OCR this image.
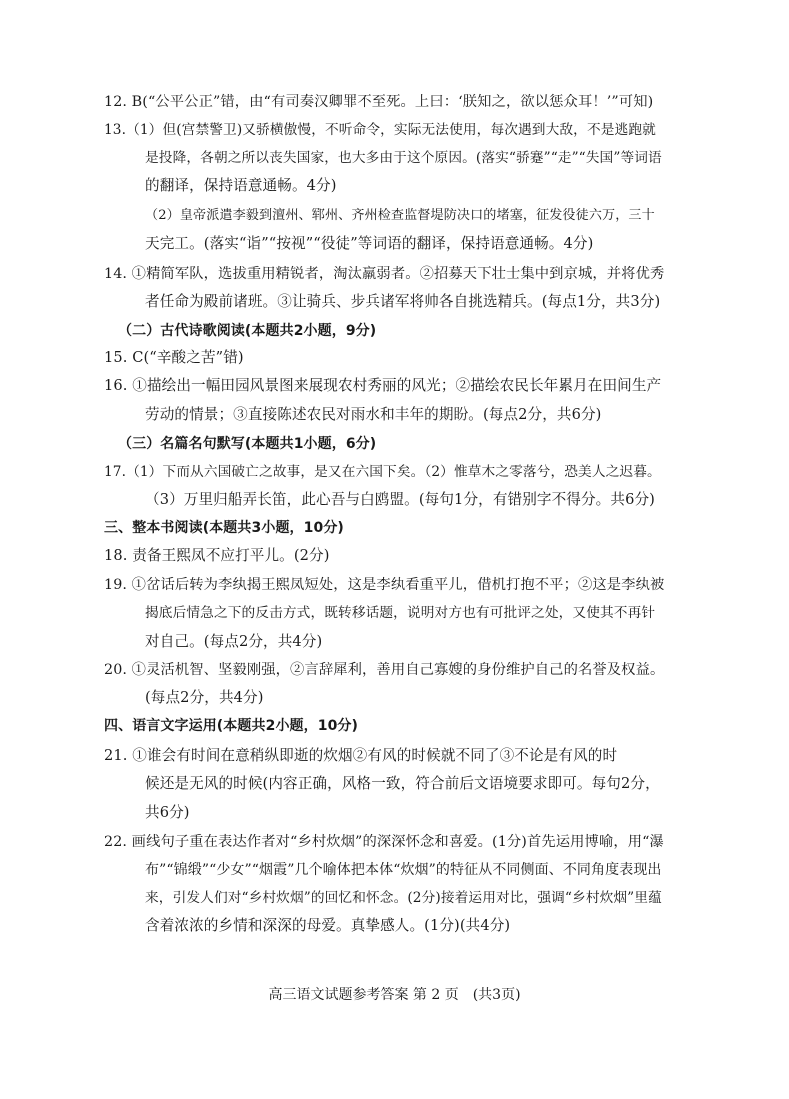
12. B(“公平公正”错，由“有司奏汉卿罪不至死。上曰：‘朕知之，欲以惩众耳！’”可知)
13.（1）但(宫禁警卫)又骄横傲慢，不听命令，实际无法使用，每次遇到大敌，不是逃跑就
是投降，各朝之所以丧失国家，也大多由于这个原因。(落实“骄蹇”“走”“失国”等词语
的翻译，保持语意通畅。4分)
（2）皇帝派遣李毅到澶州、郓州、齐州检查监督堤防决口的堵塞，征发役徒六万，三十
天完工。(落实“诣”“按视”“役徒”等词语的翻译，保持语意通畅。4分)
14. ①精简军队，选拔重用精锐者，淘汰羸弱者。②招募天下壮士集中到京城，并将优秀
者任命为殿前诸班。③让骑兵、步兵诸军将帅各自挑选精兵。(每点1分，共3分)
（二）古代诗歌阅读(本题共2小题，9分)
15. C(“辛酸之苦”错)
16. ①描绘出一幅田园风景图来展现农村秀丽的风光；②描绘农民长年累月在田间生产
劳动的情景；③直接陈述农民对雨水和丰年的期盼。(每点2分，共6分)
（三）名篇名句默写(本题共1小题，6分)
17.（1）下而从六国破亡之故事，是又在六国下矣。（2）惟草木之零落兮，恐美人之迟暮。
（3）万里归船弄长笛，此心吾与白鸥盟。(每句1分，有错别字不得分。共6分)
三、整本书阅读(本题共3小题，10分)
18. 责备王熙凤不应打平儿。(2分)
19. ①岔话后转为李纨揭王熙凤短处，这是李纨看重平儿，借机打抱不平；②这是李纨被
揭底后情急之下的反击方式，既转移话题，说明对方也有可批评之处，又使其不再针
对自己。(每点2分，共4分)
20. ①灵活机智、坚毅刚强，②言辞犀利，善用自己寡嫂的身份维护自己的名誉及权益。
(每点2分，共4分)
四、语言文字运用(本题共2小题，10分)
21. ①谁会有时间在意稍纵即逝的炊烟②有风的时候就不同了③不论是有风的时
候还是无风的时候(内容正确，风格一致，符合前后文语境要求即可。每句2分，
共6分)
22. 画线句子重在表达作者对“乡村炊烟”的深深怀念和喜爱。(1分)首先运用博喻，用“瀑
布”“锦缎”“少女”“烟霞”几个喻体把本体“炊烟”的特征从不同侧面、不同角度表现出
来，引发人们对“乡村炊烟”的回忆和怀念。(2分)接着运用对比，强调“乡村炊烟”里蕴
含着浓浓的乡情和深深的母爱。真挚感人。(1分)(共4分)
高三语文试题参考答案 第 2 页　(共3页)
